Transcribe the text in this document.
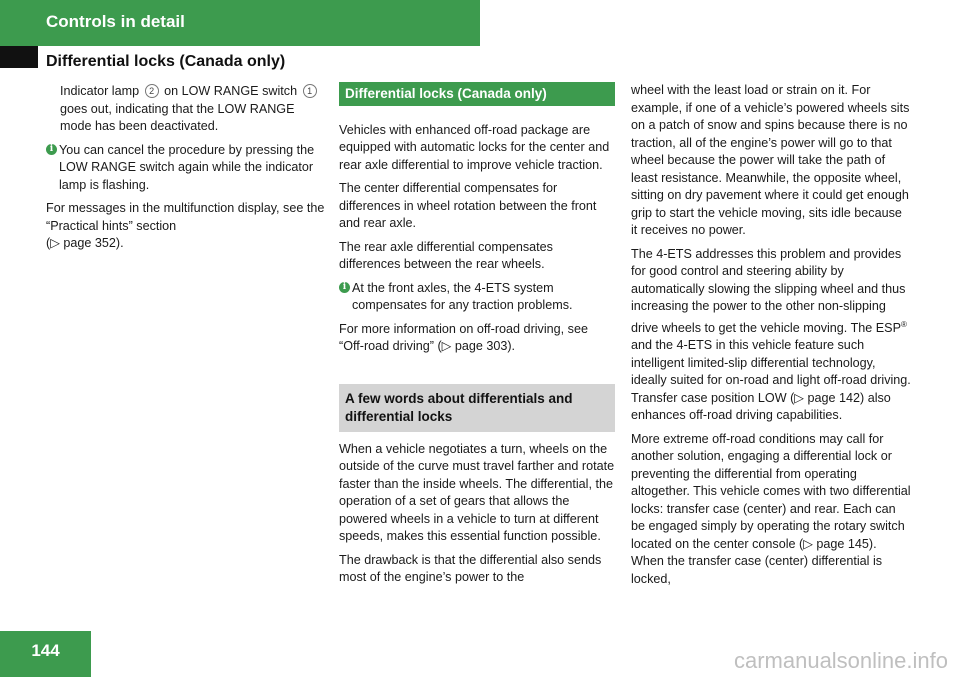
Controls in detail
Differential locks (Canada only)

Indicator lamp 2 on LOW RANGE switch 1 goes out, indicating that the LOW RANGE mode has been deactivated.

i You can cancel the procedure by pressing the LOW RANGE switch again while the indicator lamp is flashing.

For messages in the multifunction display, see the “Practical hints” section
(▷ page 352).

Differential locks (Canada only)

Vehicles with enhanced off-road package are equipped with automatic locks for the center and rear axle differential to improve vehicle traction.

The center differential compensates for differences in wheel rotation between the front and rear axle.

The rear axle differential compensates differences between the rear wheels.

i At the front axles, the 4-ETS system compensates for any traction problems.

For more information on off-road driving, see “Off-road driving” (▷ page 303).

A few words about differentials and differential locks

When a vehicle negotiates a turn, wheels on the outside of the curve must travel farther and rotate faster than the inside wheels. The differential, the operation of a set of gears that allows the powered wheels in a vehicle to turn at different speeds, makes this essential function possible.

The drawback is that the differential also sends most of the engine’s power to the

wheel with the least load or strain on it. For example, if one of a vehicle’s powered wheels sits on a patch of snow and spins because there is no traction, all of the engine’s power will go to that wheel because the power will take the path of least resistance. Meanwhile, the opposite wheel, sitting on dry pavement where it could get enough grip to start the vehicle moving, sits idle because it receives no power.

The 4-ETS addresses this problem and provides for good control and steering ability by automatically slowing the slipping wheel and thus increasing the power to the other non-slipping drive wheels to get the vehicle moving. The ESP® and the 4-ETS in this vehicle feature such intelligent limited-slip differential technology, ideally suited for on-road and light off-road driving. Transfer case position LOW (▷ page 142) also enhances off-road driving capabilities.

More extreme off-road conditions may call for another solution, engaging a differential lock or preventing the differential from operating altogether. This vehicle comes with two differential locks: transfer case (center) and rear. Each can be engaged simply by operating the rotary switch located on the center console (▷ page 145). When the transfer case (center) differential is locked,

144	carmanualsonline.info
